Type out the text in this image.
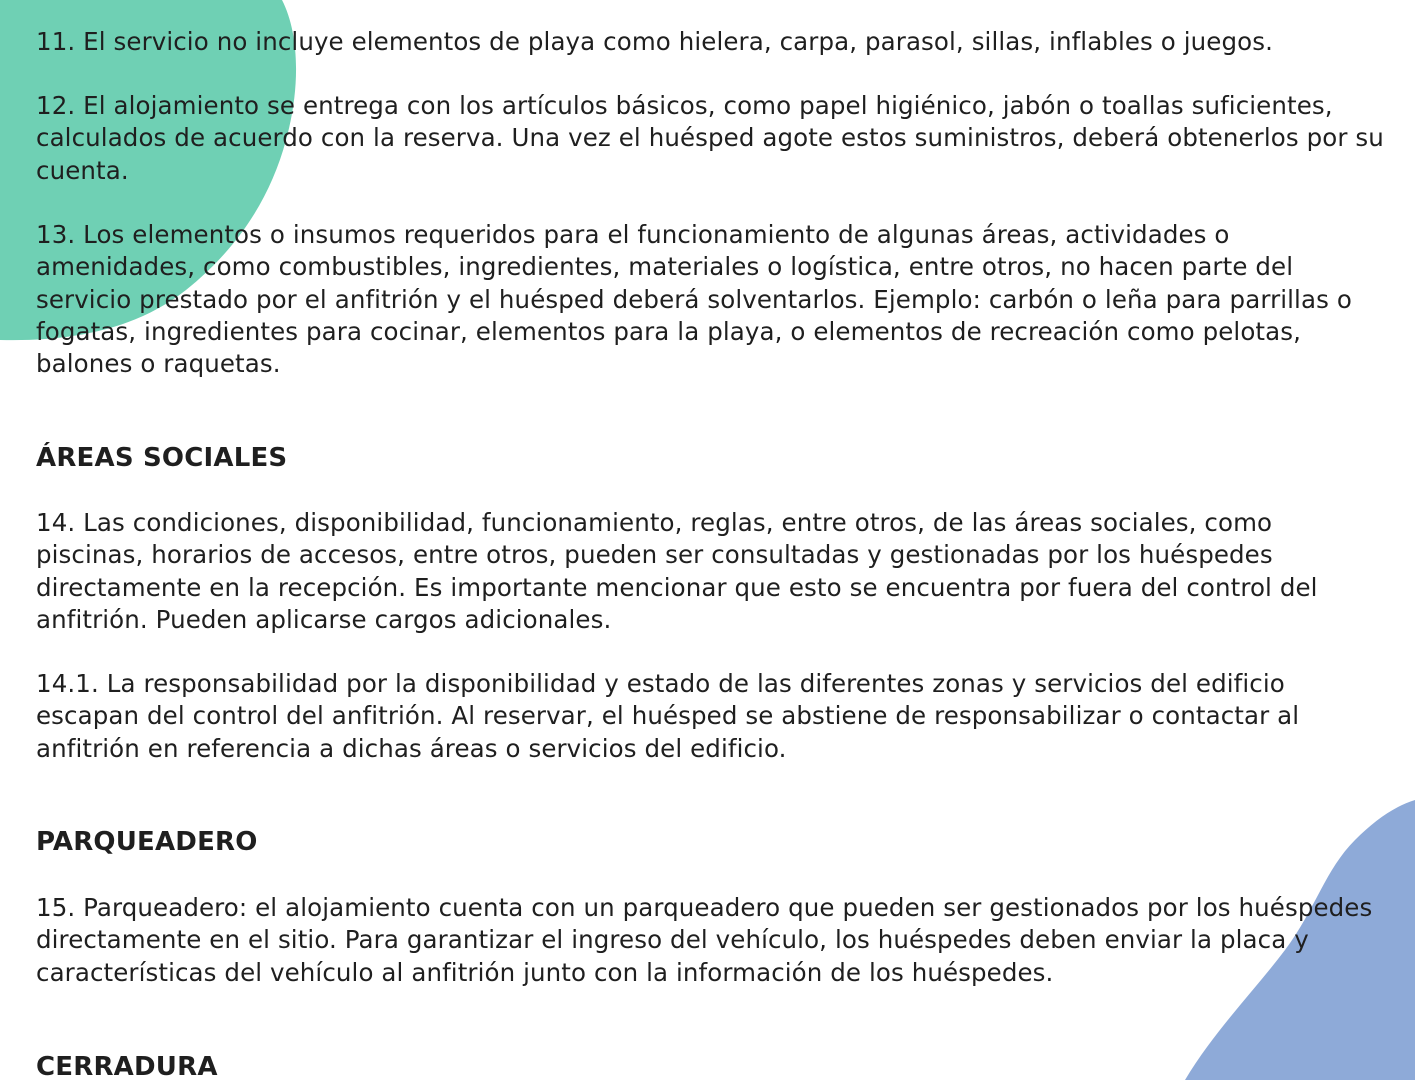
11. El servicio no incluye elementos de playa como hielera, carpa, parasol, sillas, inflables o juegos.

12. El alojamiento se entrega con los artículos básicos, como papel higiénico, jabón o toallas suficientes, calculados de acuerdo con la reserva. Una vez el huésped agote estos suministros, deberá obtenerlos por su cuenta.

13. Los elementos o insumos requeridos para el funcionamiento de algunas áreas, actividades o amenidades, como combustibles, ingredientes, materiales o logística, entre otros, no hacen parte del servicio prestado por el anfitrión y el huésped deberá solventarlos. Ejemplo: carbón o leña para parrillas o fogatas, ingredientes para cocinar, elementos para la playa, o elementos de recreación como pelotas, balones o raquetas.

ÁREAS SOCIALES

14. Las condiciones, disponibilidad, funcionamiento, reglas, entre otros, de las áreas sociales, como piscinas, horarios de accesos, entre otros, pueden ser consultadas y gestionadas por los huéspedes directamente en la recepción. Es importante mencionar que esto se encuentra por fuera del control del anfitrión. Pueden aplicarse cargos adicionales.

14.1. La responsabilidad por la disponibilidad y estado de las diferentes zonas y servicios del edificio escapan del control del anfitrión. Al reservar, el huésped se abstiene de responsabilizar o contactar al anfitrión en referencia a dichas áreas o servicios del edificio.

PARQUEADERO

15. Parqueadero: el alojamiento cuenta con un parqueadero que pueden ser gestionados por los huéspedes directamente en el sitio. Para garantizar el ingreso del vehículo, los huéspedes deben enviar la placa y características del vehículo al anfitrión junto con la información de los huéspedes.

CERRADURA
